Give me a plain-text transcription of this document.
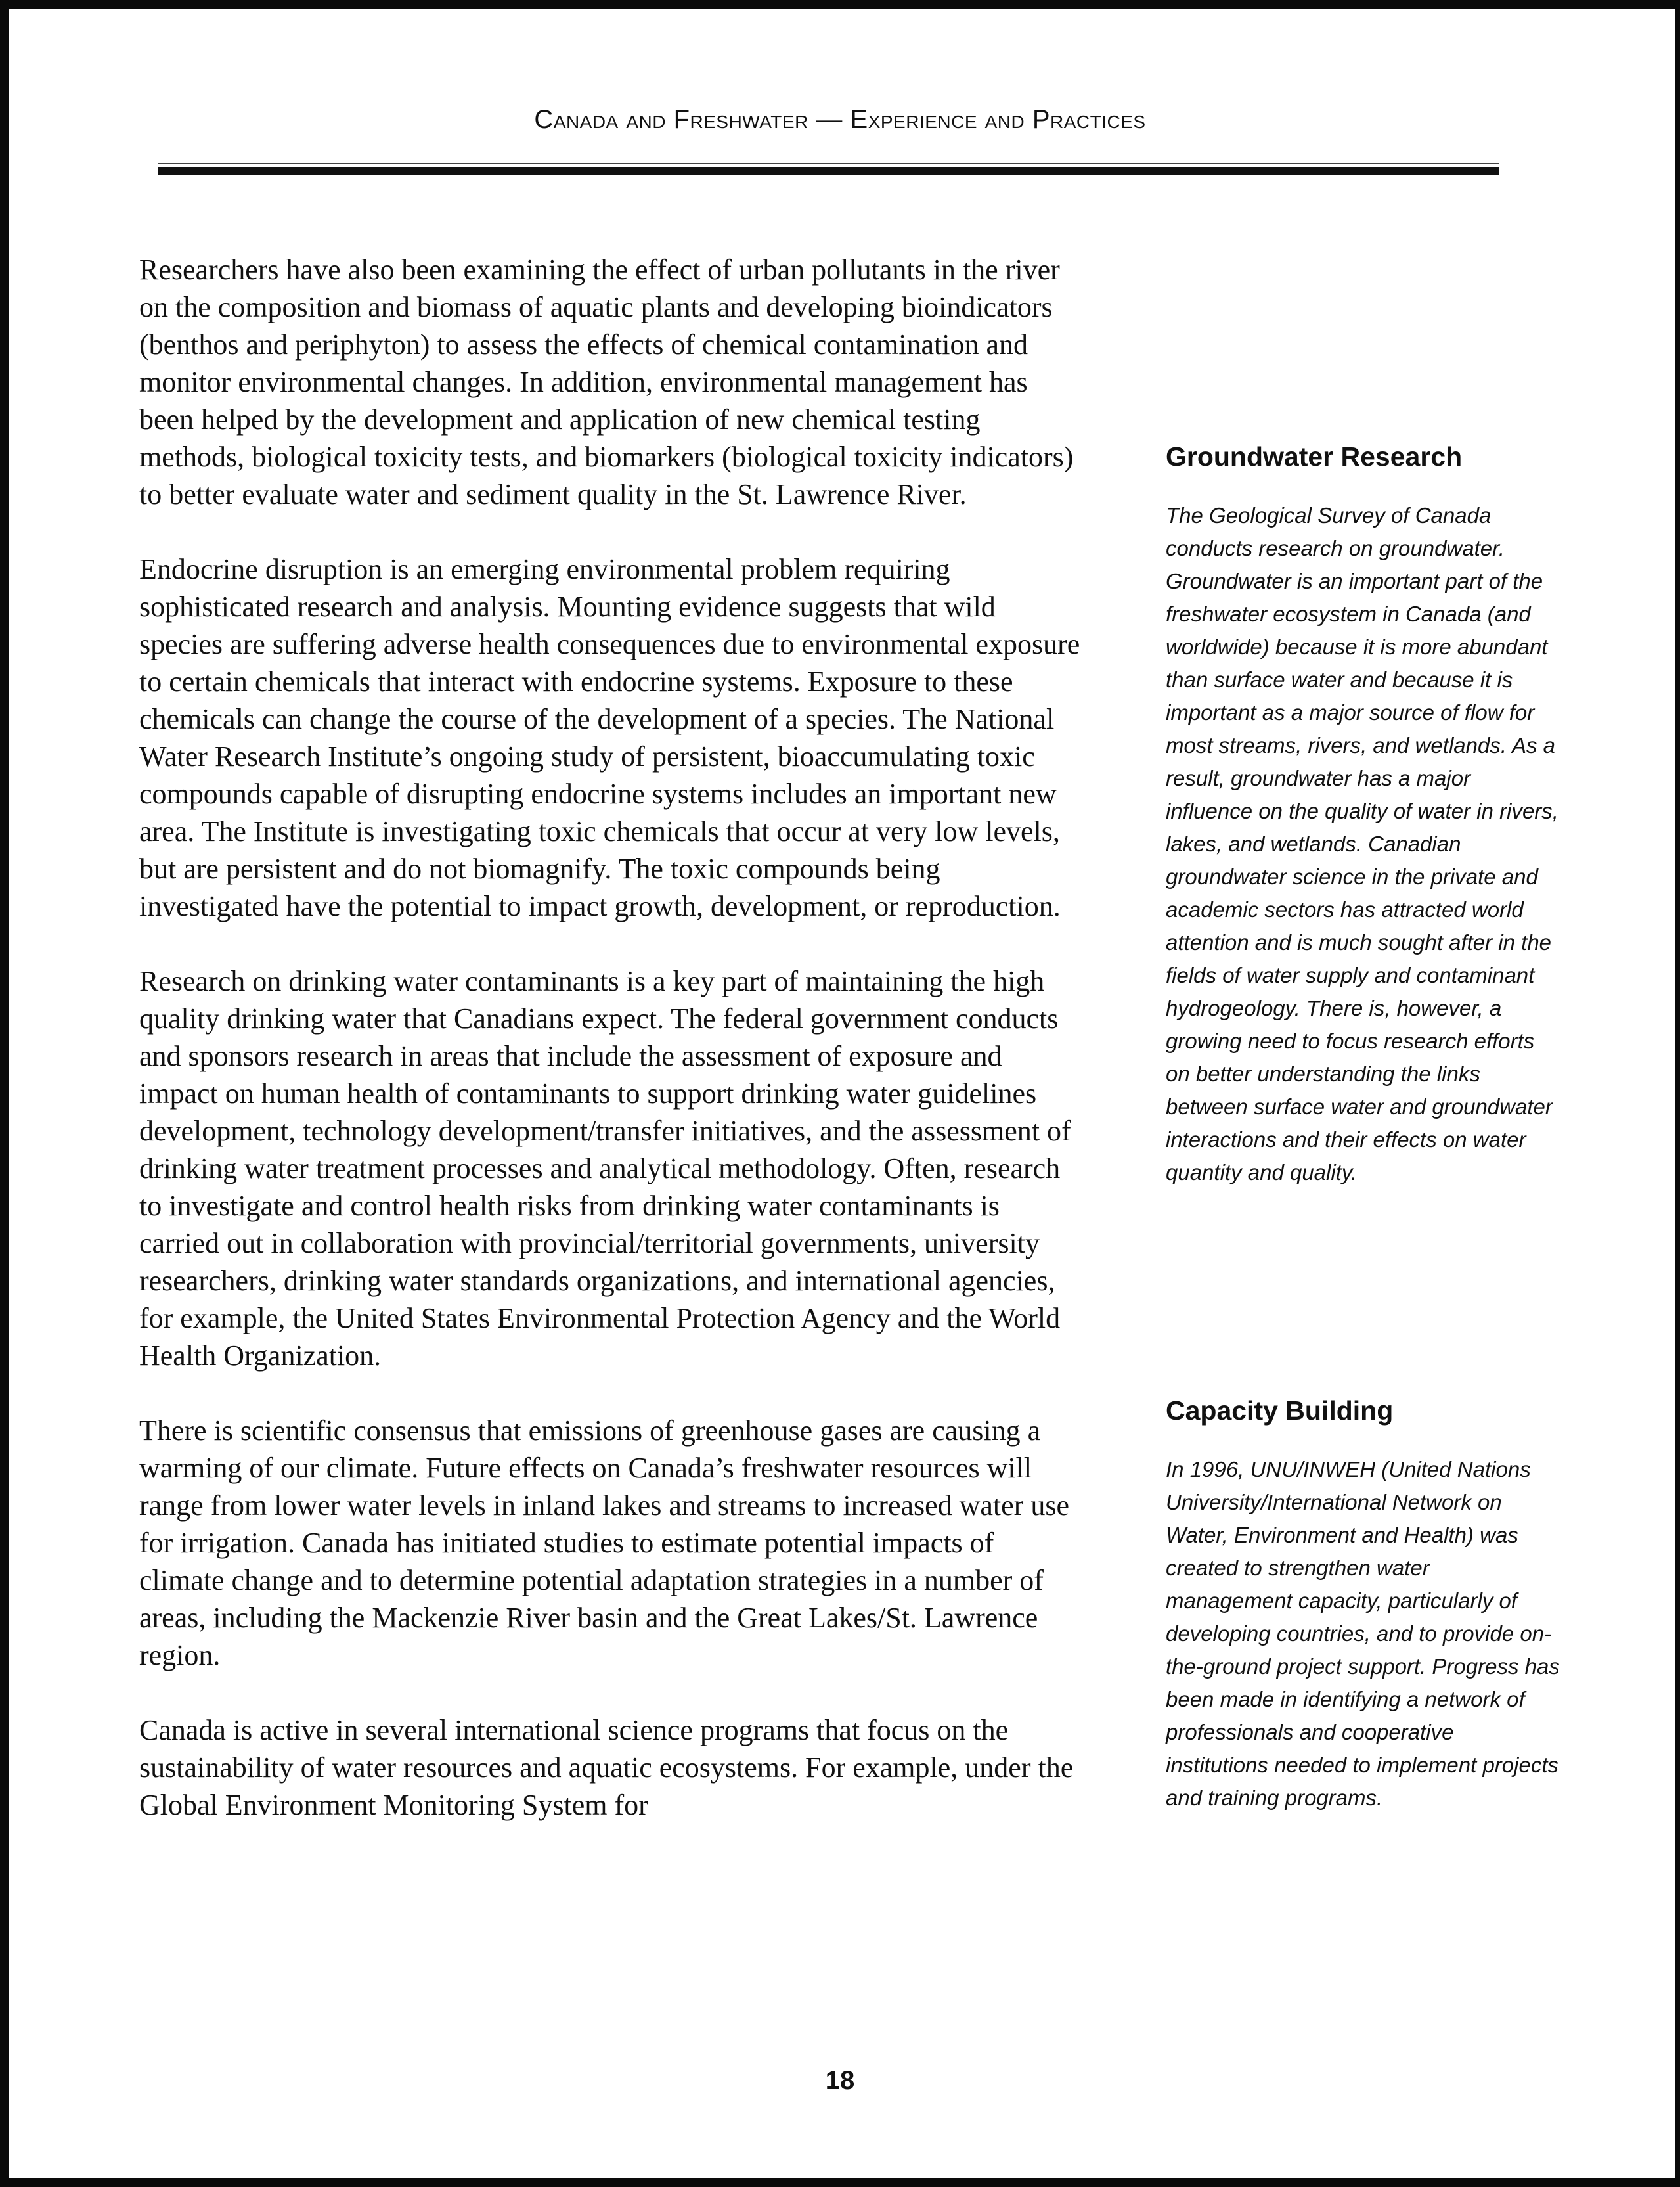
Canada and Freshwater — Experience and Practices

Researchers have also been examining the effect of urban pollutants in the river on the composition and biomass of aquatic plants and developing bioindicators (benthos and periphyton) to assess the effects of chemical contamination and monitor environmental changes. In addition, environmental management has been helped by the development and application of new chemical testing methods, biological toxicity tests, and biomarkers (biological toxicity indicators) to better evaluate water and sediment quality in the St. Lawrence River.

Endocrine disruption is an emerging environmental problem requiring sophisticated research and analysis. Mounting evidence suggests that wild species are suffering adverse health consequences due to environmental exposure to certain chemicals that interact with endocrine systems. Exposure to these chemicals can change the course of the development of a species. The National Water Research Institute’s ongoing study of persistent, bioaccumulating toxic compounds capable of disrupting endocrine systems includes an important new area. The Institute is investigating toxic chemicals that occur at very low levels, but are persistent and do not biomagnify. The toxic compounds being investigated have the potential to impact growth, development, or reproduction.

Research on drinking water contaminants is a key part of maintaining the high quality drinking water that Canadians expect. The federal government conducts and sponsors research in areas that include the assessment of exposure and impact on human health of contaminants to support drinking water guidelines development, technology development/transfer initiatives, and the assessment of drinking water treatment processes and analytical methodology. Often, research to investigate and control health risks from drinking water contaminants is carried out in collaboration with provincial/territorial governments, university researchers, drinking water standards organizations, and international agencies, for example, the United States Environmental Protection Agency and the World Health Organization.

There is scientific consensus that emissions of greenhouse gases are causing a warming of our climate. Future effects on Canada’s freshwater resources will range from lower water levels in inland lakes and streams to increased water use for irrigation. Canada has initiated studies to estimate potential impacts of climate change and to determine potential adaptation strategies in a number of areas, including the Mackenzie River basin and the Great Lakes/St. Lawrence region.

Canada is active in several international science programs that focus on the sustainability of water resources and aquatic ecosystems. For example, under the Global Environment Monitoring System for

Groundwater Research

The Geological Survey of Canada conducts research on groundwater. Groundwater is an important part of the freshwater ecosystem in Canada (and worldwide) because it is more abundant than surface water and because it is important as a major source of flow for most streams, rivers, and wetlands. As a result, groundwater has a major influence on the quality of water in rivers, lakes, and wetlands. Canadian groundwater science in the private and academic sectors has attracted world attention and is much sought after in the fields of water supply and contaminant hydrogeology. There is, however, a growing need to focus research efforts on better understanding the links between surface water and groundwater interactions and their effects on water quantity and quality.

Capacity Building

In 1996, UNU/INWEH (United Nations University/International Network on Water, Environment and Health) was created to strengthen water management capacity, particularly of developing countries, and to provide on-the-ground project support. Progress has been made in identifying a network of professionals and cooperative institutions needed to implement projects and training programs.

18
